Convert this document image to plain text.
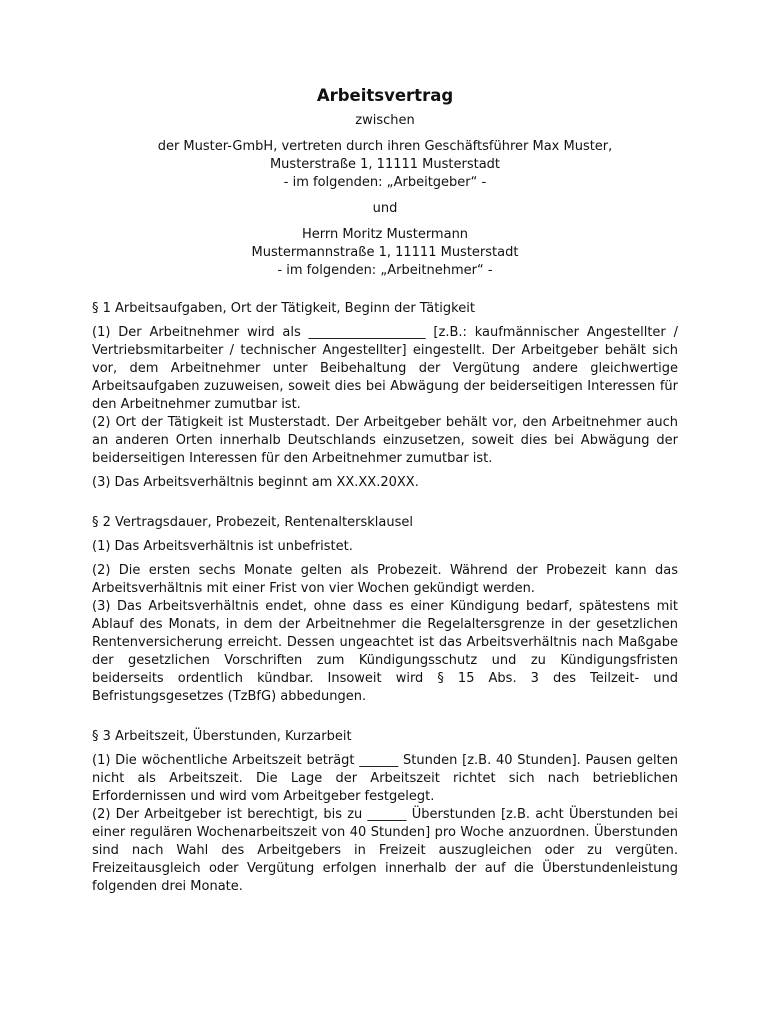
Arbeitsvertrag

zwischen

der Muster-GmbH, vertreten durch ihren Geschäftsführer Max Muster,

Musterstraße 1, 11111 Musterstadt

- im folgenden: „Arbeitgeber“ -

und

Herrn Moritz Mustermann

Mustermannstraße 1, 11111 Musterstadt

- im folgenden: „Arbeitnehmer“ -

§ 1 Arbeitsaufgaben, Ort der Tätigkeit, Beginn der Tätigkeit

(1) Der Arbeitnehmer wird als __________________ [z.B.: kaufmännischer Angestellter / Vertriebsmitarbeiter / technischer Angestellter] eingestellt. Der Arbeitgeber behält sich vor, dem Arbeitnehmer unter Beibehaltung der Vergütung andere gleichwertige Arbeitsaufgaben zuzuweisen, soweit dies bei Abwägung der beiderseitigen Interessen für den Arbeitnehmer zumutbar ist.

(2) Ort der Tätigkeit ist Musterstadt. Der Arbeitgeber behält vor, den Arbeitnehmer auch an anderen Orten innerhalb Deutschlands einzusetzen, soweit dies bei Abwägung der beiderseitigen Interessen für den Arbeitnehmer zumutbar ist.

(3) Das Arbeitsverhältnis beginnt am XX.XX.20XX.

§ 2 Vertragsdauer, Probezeit, Rentenaltersklausel

(1) Das Arbeitsverhältnis ist unbefristet.

(2) Die ersten sechs Monate gelten als Probezeit. Während der Probezeit kann das Arbeitsverhältnis mit einer Frist von vier Wochen gekündigt werden.

(3) Das Arbeitsverhältnis endet, ohne dass es einer Kündigung bedarf, spätestens mit Ablauf des Monats, in dem der Arbeitnehmer die Regelaltersgrenze in der gesetzlichen Rentenversicherung erreicht. Dessen ungeachtet ist das Arbeitsverhältnis nach Maßgabe der gesetzlichen Vorschriften zum Kündigungsschutz und zu Kündigungsfristen beiderseits ordentlich kündbar. Insoweit wird § 15 Abs. 3 des Teilzeit- und Befristungsgesetzes (TzBfG) abbedungen.

§ 3 Arbeitszeit, Überstunden, Kurzarbeit

(1) Die wöchentliche Arbeitszeit beträgt ______ Stunden [z.B. 40 Stunden]. Pausen gelten nicht als Arbeitszeit. Die Lage der Arbeitszeit richtet sich nach betrieblichen Erfordernissen und wird vom Arbeitgeber festgelegt.

(2) Der Arbeitgeber ist berechtigt, bis zu ______ Überstunden [z.B. acht Überstunden bei einer regulären Wochenarbeitszeit von 40 Stunden] pro Woche anzuordnen. Überstunden sind nach Wahl des Arbeitgebers in Freizeit auszugleichen oder zu vergüten. Freizeitausgleich oder Vergütung erfolgen innerhalb der auf die Überstundenleistung folgenden drei Monate.
